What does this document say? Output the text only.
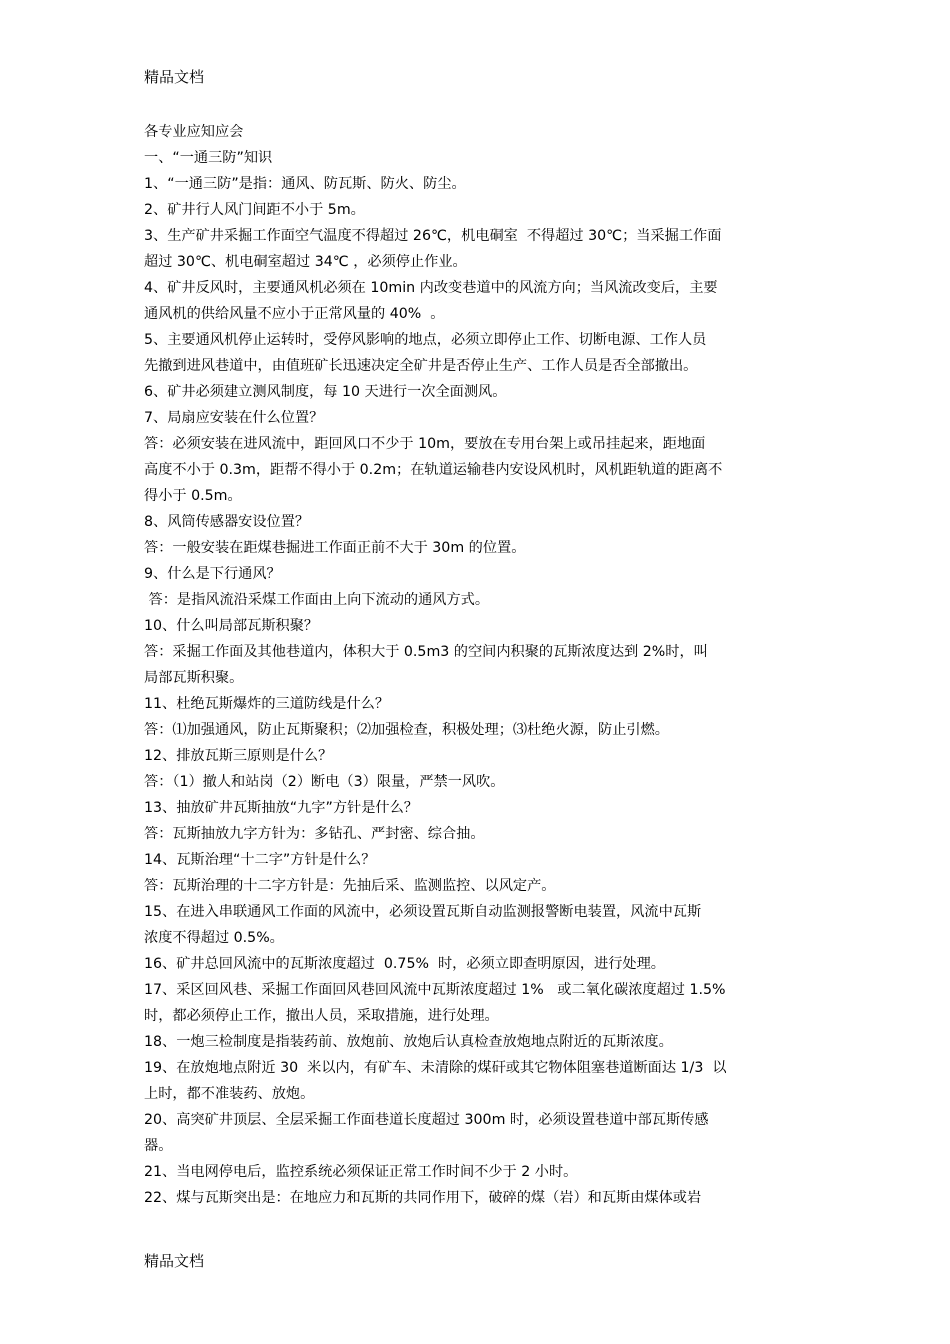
精品文档
各专业应知应会
一、“一通三防”知识
1、“一通三防”是指：通风、防瓦斯、防火、防尘。
2、矿井行人风门间距不小于 5m。
3、生产矿井采掘工作面空气温度不得超过 26℃，机电硐室  不得超过 30℃；当采掘工作面
超过 30℃、机电硐室超过 34℃ ，必须停止作业。
4、矿井反风时，主要通风机必须在 10min 内改变巷道中的风流方向；当风流改变后，主要
通风机的供给风量不应小于正常风量的 40%  。
5、主要通风机停止运转时，受停风影响的地点，必须立即停止工作、切断电源、工作人员
先撤到进风巷道中，由值班矿长迅速决定全矿井是否停止生产、工作人员是否全部撤出。
6、矿井必须建立测风制度，每 10 天进行一次全面测风。
7、局扇应安装在什么位置？
答：必须安装在进风流中，距回风口不少于 10m，要放在专用台架上或吊挂起来，距地面
高度不小于 0.3m，距帮不得小于 0.2m；在轨道运输巷内安设风机时，风机距轨道的距离不
得小于 0.5m。
8、风筒传感器安设位置？
答：一般安装在距煤巷掘进工作面正前不大于 30m 的位置。
9、什么是下行通风？
答：是指风流沿采煤工作面由上向下流动的通风方式。
10、什么叫局部瓦斯积聚？
答：采掘工作面及其他巷道内，体积大于 0.5m3 的空间内积聚的瓦斯浓度达到 2%时，叫
局部瓦斯积聚。
11、杜绝瓦斯爆炸的三道防线是什么？
答：⑴加强通风，防止瓦斯聚积；⑵加强检查，积极处理；⑶杜绝火源，防止引燃。
12、排放瓦斯三原则是什么？
答：（1）撤人和站岗（2）断电（3）限量，严禁一风吹。
13、抽放矿井瓦斯抽放“九字”方针是什么？
答：瓦斯抽放九字方针为：多钻孔、严封密、综合抽。
14、瓦斯治理“十二字”方针是什么？
答：瓦斯治理的十二字方针是：先抽后采、监测监控、以风定产。
15、在进入串联通风工作面的风流中，必须设置瓦斯自动监测报警断电装置，风流中瓦斯
浓度不得超过 0.5%。
16、矿井总回风流中的瓦斯浓度超过  0.75%  时，必须立即查明原因，进行处理。
17、采区回风巷、采掘工作面回风巷回风流中瓦斯浓度超过 1%   或二氧化碳浓度超过 1.5%
时，都必须停止工作，撤出人员，采取措施，进行处理。
18、一炮三检制度是指装药前、放炮前、放炮后认真检查放炮地点附近的瓦斯浓度。
19、在放炮地点附近 30  米以内，有矿车、未清除的煤矸或其它物体阻塞巷道断面达 1/3  以
上时，都不准装药、放炮。
20、高突矿井顶层、全层采掘工作面巷道长度超过 300m 时，必须设置巷道中部瓦斯传感
器。
21、当电网停电后，监控系统必须保证正常工作时间不少于 2 小时。
22、煤与瓦斯突出是：在地应力和瓦斯的共同作用下，破碎的煤（岩）和瓦斯由煤体或岩
精品文档
